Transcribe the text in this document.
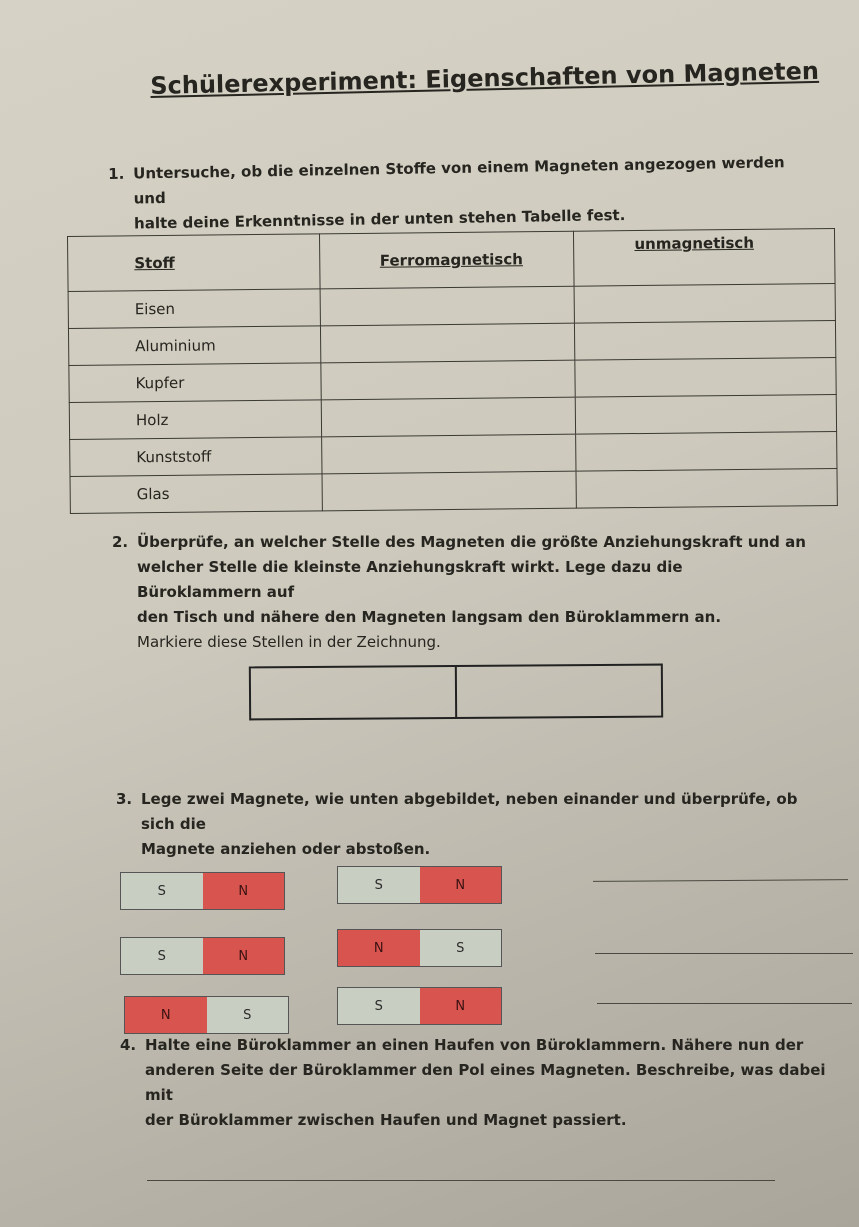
Schülerexperiment: Eigenschaften von Magneten
1. Untersuche, ob die einzelnen Stoffe von einem Magneten angezogen werden und
halte deine Erkenntnisse in der unten stehen Tabelle fest.
Stoff	Ferromagnetisch	unmagnetisch
Eisen		
Aluminium		
Kupfer		
Holz		
Kunststoff		
Glas		
2. Überprüfe, an welcher Stelle des Magneten die größte Anziehungskraft und an
welcher Stelle die kleinste Anziehungskraft wirkt. Lege dazu die Büroklammern auf
den Tisch und nähere den Magneten langsam den Büroklammern an.
Markiere diese Stellen in der Zeichnung.
3. Lege zwei Magnete, wie unten abgebildet, neben einander und überprüfe, ob sich die
Magnete anziehen oder abstoßen.
S	N	S	N
S	N
N	S
N	S
S	N
4. Halte eine Büroklammer an einen Haufen von Büroklammern. Nähere nun der
anderen Seite der Büroklammer den Pol eines Magneten. Beschreibe, was dabei mit
der Büroklammer zwischen Haufen und Magnet passiert.
